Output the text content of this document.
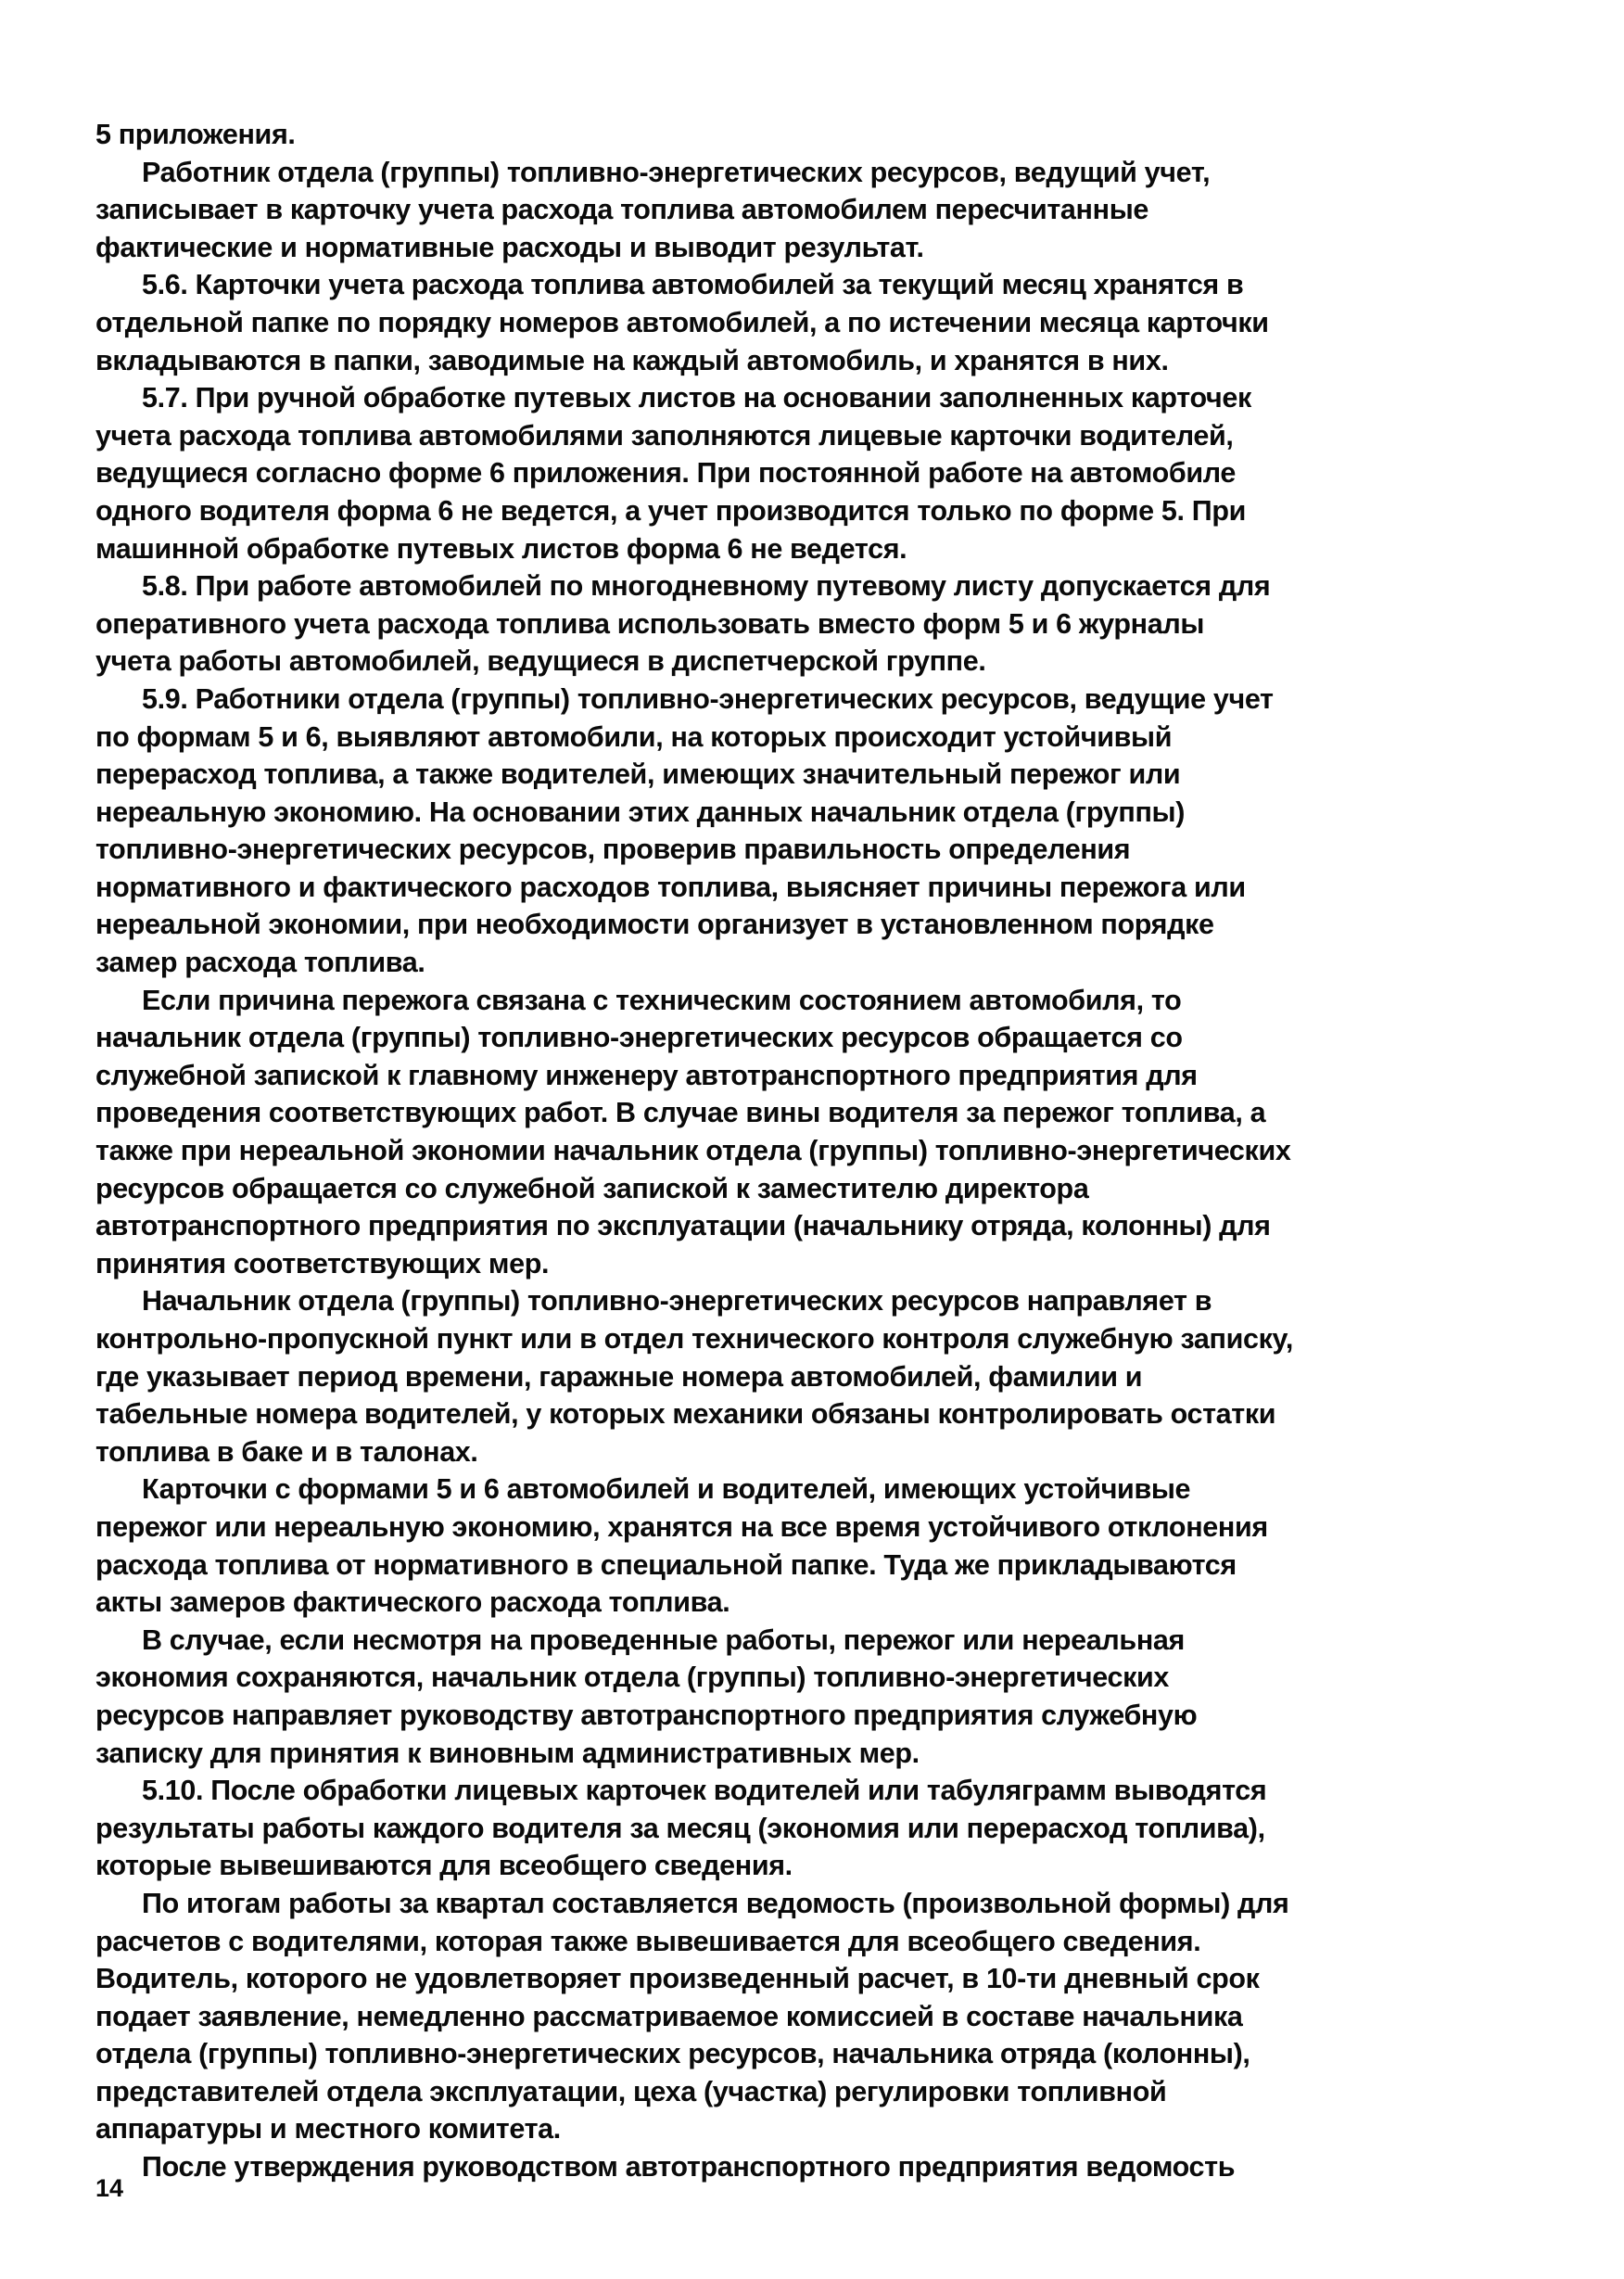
5 приложения.

Работник отдела (группы) топливно-энергетических ресурсов, ведущий учет,

записывает в карточку учета расхода топлива автомобилем пересчитанные

фактические и нормативные расходы и выводит результат.

5.6. Карточки учета расхода топлива автомобилей за текущий месяц хранятся в

отдельной папке по порядку номеров автомобилей, а по истечении месяца карточки

вкладываются в папки, заводимые на каждый автомобиль, и хранятся в них.

5.7. При ручной обработке путевых листов на основании заполненных карточек

учета расхода топлива автомобилями заполняются лицевые карточки водителей,

ведущиеся согласно форме 6 приложения. При постоянной работе на автомобиле

одного водителя форма 6 не ведется, а учет производится только по форме 5. При

машинной обработке путевых листов форма 6 не ведется.

5.8. При работе автомобилей по многодневному путевому листу допускается для

оперативного учета расхода топлива использовать вместо форм 5 и 6 журналы

учета работы автомобилей, ведущиеся в диспетчерской группе.

5.9. Работники отдела (группы) топливно-энергетических ресурсов, ведущие учет

по формам 5 и 6, выявляют автомобили, на которых происходит устойчивый

перерасход топлива, а также водителей, имеющих значительный пережог или

нереальную экономию. На основании этих данных начальник отдела (группы)

топливно-энергетических ресурсов, проверив правильность определения

нормативного и фактического расходов топлива, выясняет причины пережога или

нереальной экономии, при необходимости организует в установленном порядке

замер расхода топлива.

Если причина пережога связана с техническим состоянием автомобиля, то

начальник отдела (группы) топливно-энергетических ресурсов обращается со

служебной запиской к главному инженеру автотранспортного предприятия для

проведения соответствующих работ. В случае вины водителя за пережог топлива, а

также при нереальной экономии начальник отдела (группы) топливно-энергетических

ресурсов обращается со служебной запиской к заместителю директора

автотранспортного предприятия по эксплуатации (начальнику отряда, колонны) для

принятия соответствующих мер.

Начальник отдела (группы) топливно-энергетических ресурсов направляет в

контрольно-пропускной пункт или в отдел технического контроля служебную записку,

где указывает период времени, гаражные номера автомобилей, фамилии и

табельные номера водителей, у которых механики обязаны контролировать остатки

топлива в баке и в талонах.

Карточки с формами 5 и 6 автомобилей и водителей, имеющих устойчивые

пережог или нереальную экономию, хранятся на все время устойчивого отклонения

расхода топлива от нормативного в специальной папке. Туда же прикладываются

акты замеров фактического расхода топлива.

В случае, если несмотря на проведенные работы, пережог или нереальная

экономия сохраняются, начальник отдела (группы) топливно-энергетических

ресурсов направляет руководству автотранспортного предприятия служебную

записку для принятия к виновным административных мер.

5.10. После обработки лицевых карточек водителей или табуляграмм выводятся

результаты работы каждого водителя за месяц (экономия или перерасход топлива),

которые вывешиваются для всеобщего сведения.

По итогам работы за квартал составляется ведомость (произвольной формы) для

расчетов с водителями, которая также вывешивается для всеобщего сведения.

Водитель, которого не удовлетворяет произведенный расчет, в 10-ти дневный срок

подает заявление, немедленно рассматриваемое комиссией в составе начальника

отдела (группы) топливно-энергетических ресурсов, начальника отряда (колонны),

представителей отдела эксплуатации, цеха (участка) регулировки топливной

аппаратуры и местного комитета.

После утверждения руководством автотранспортного предприятия ведомость

14
